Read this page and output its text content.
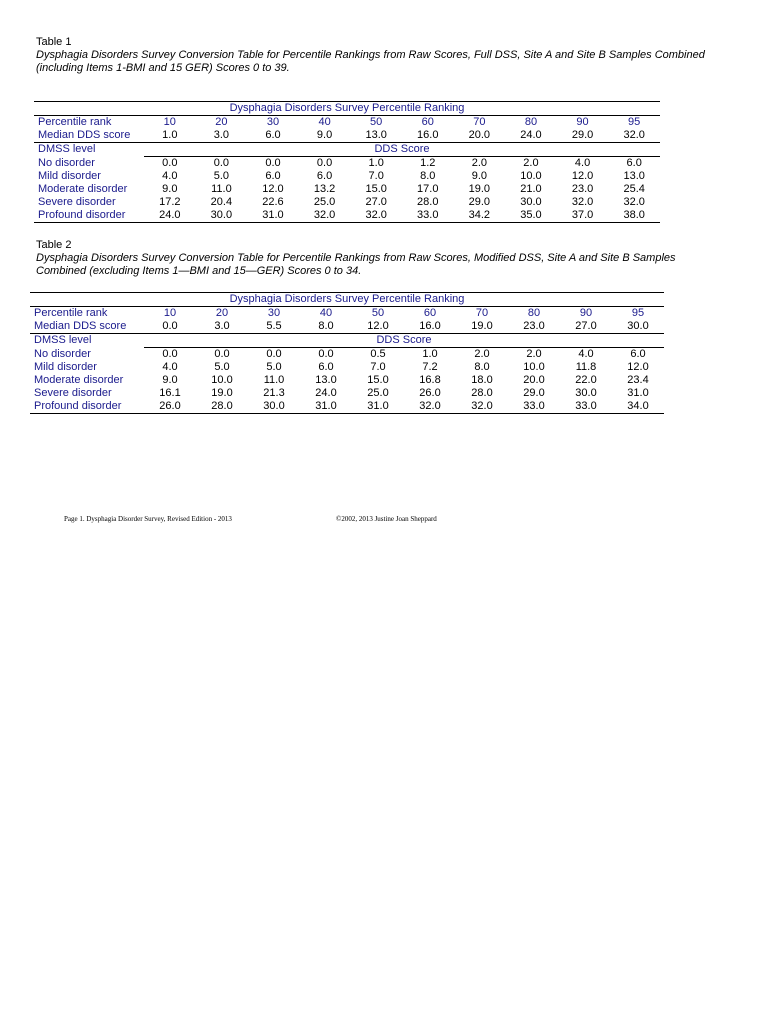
Table 1

Dysphagia Disorders Survey Conversion Table for Percentile Rankings from Raw Scores, Full DSS, Site A and Site B Samples Combined (including Items 1-BMI and 15 GER) Scores 0 to 39.

Dysphagia Disorders Survey Percentile Ranking										
Percentile rank	10	20	30	40	50	60	70	80	90	95
Median DDS score	1.0	3.0	6.0	9.0	13.0	16.0	20.0	24.0	29.0	32.0
DMSS level	DDS Score									
No disorder	0.0	0.0	0.0	0.0	1.0	1.2	2.0	2.0	4.0	6.0
Mild disorder	4.0	5.0	6.0	6.0	7.0	8.0	9.0	10.0	12.0	13.0
Moderate disorder	9.0	11.0	12.0	13.2	15.0	17.0	19.0	21.0	23.0	25.4
Severe disorder	17.2	20.4	22.6	25.0	27.0	28.0	29.0	30.0	32.0	32.0
Profound disorder	24.0	30.0	31.0	32.0	32.0	33.0	34.2	35.0	37.0	38.0

Table 2

Dysphagia Disorders Survey Conversion Table for Percentile Rankings from Raw Scores, Modified DSS, Site A and Site B Samples Combined (excluding Items 1—BMI and 15—GER) Scores 0 to 34.

Dysphagia Disorders Survey Percentile Ranking										
Percentile rank	10	20	30	40	50	60	70	80	90	95
Median DDS score	0.0	3.0	5.5	8.0	12.0	16.0	19.0	23.0	27.0	30.0
DMSS level	DDS Score									
No disorder	0.0	0.0	0.0	0.0	0.5	1.0	2.0	2.0	4.0	6.0
Mild disorder	4.0	5.0	5.0	6.0	7.0	7.2	8.0	10.0	11.8	12.0
Moderate disorder	9.0	10.0	11.0	13.0	15.0	16.8	18.0	20.0	22.0	23.4
Severe disorder	16.1	19.0	21.3	24.0	25.0	26.0	28.0	29.0	30.0	31.0
Profound disorder	26.0	28.0	30.0	31.0	31.0	32.0	32.0	33.0	33.0	34.0
Page 1. Dysphagia Disorder Survey, Revised Edition - 2013	©2002, 2013 Justine Joan Sheppard
